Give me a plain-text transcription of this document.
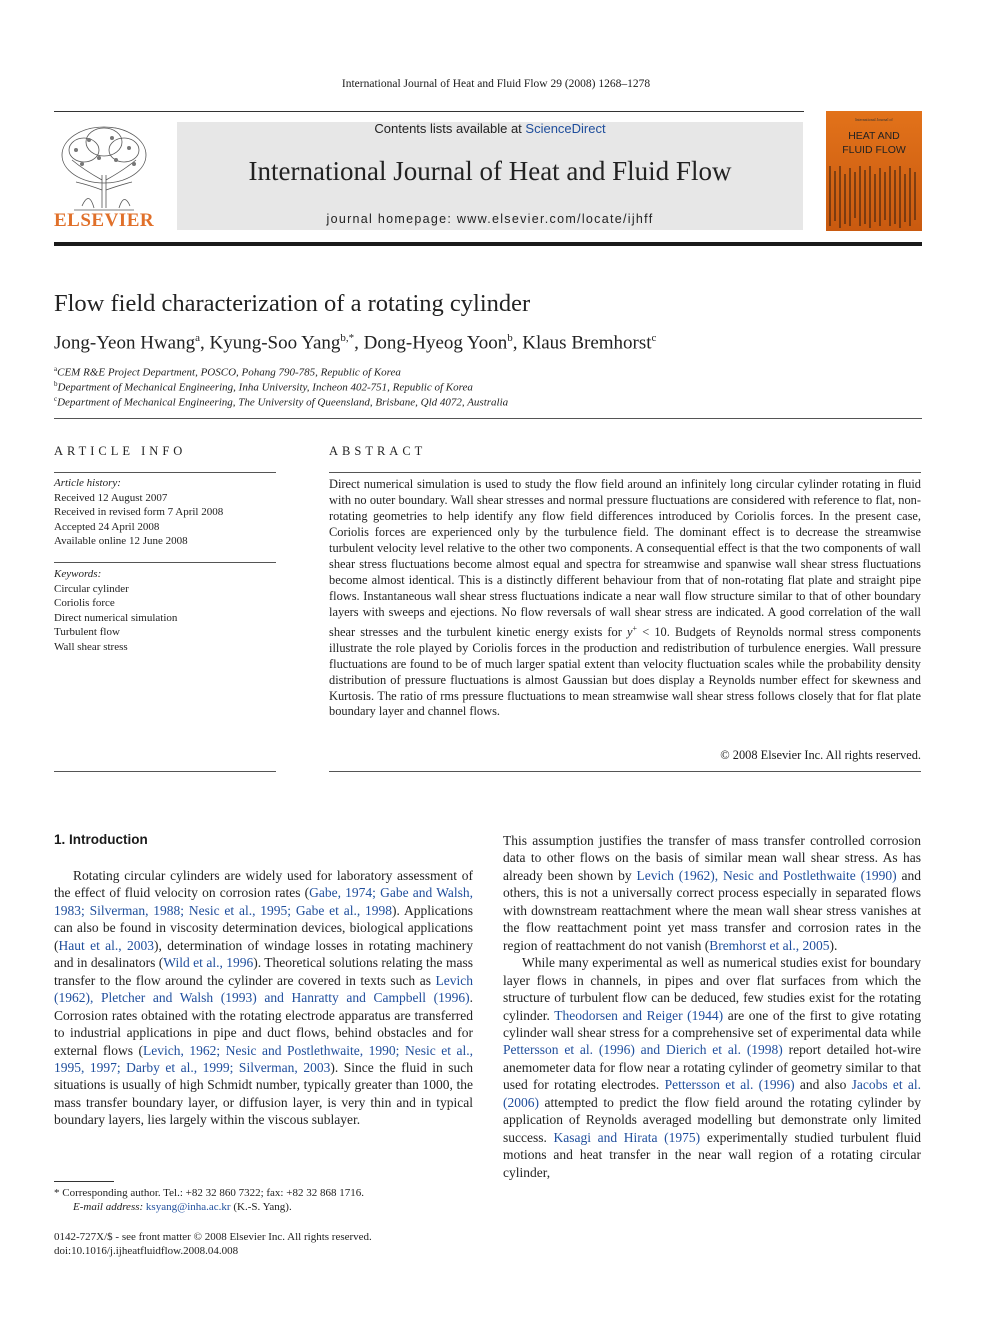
International Journal of Heat and Fluid Flow 29 (2008) 1268–1278
ELSEVIER
Contents lists available at ScienceDirect
International Journal of Heat and Fluid Flow
journal homepage: www.elsevier.com/locate/ijhff
International Journal of
HEAT AND
FLUID FLOW
Flow field characterization of a rotating cylinder
Jong-Yeon Hwang$^a$, Kyung-Soo Yang$^{b,*}$, Dong-Hyeog Yoon$^b$, Klaus Bremhorst$^c$
$^a$CEM R&E Project Department, POSCO, Pohang 790-785, Republic of Korea
$^b$Department of Mechanical Engineering, Inha University, Incheon 402-751, Republic of Korea
$^c$Department of Mechanical Engineering, The University of Queensland, Brisbane, Qld 4072, Australia
ARTICLE INFO
Article history:
Received 12 August 2007
Received in revised form 7 April 2008
Accepted 24 April 2008
Available online 12 June 2008
Keywords:
Circular cylinder
Coriolis force
Direct numerical simulation
Turbulent flow
Wall shear stress
ABSTRACT
Direct numerical simulation is used to study the flow field around an infinitely long circular cylinder rotating in fluid with no outer boundary. Wall shear stresses and normal pressure fluctuations are considered with reference to flat, non-rotating geometries to help identify any flow field differences introduced by Coriolis forces. In the present case, Coriolis forces are experienced only by the turbulence field. The dominant effect is to decrease the streamwise turbulent velocity level relative to the other two components. A consequential effect is that the two components of wall shear stress fluctuations become almost equal and spectra for streamwise and spanwise wall shear stress fluctuations become almost identical. This is a distinctly different behaviour from that of non-rotating flat plate and straight pipe flows. Instantaneous wall shear stress fluctuations indicate a near wall flow structure similar to that of other boundary layers with sweeps and ejections. No flow reversals of wall shear stress are indicated. A good correlation of the wall shear stresses and the turbulent kinetic energy exists for y+ < 10. Budgets of Reynolds normal stress components illustrate the role played by Coriolis forces in the production and redistribution of turbulence energies. Wall pressure fluctuations are found to be of much larger spatial extent than velocity fluctuation scales while the probability density distribution of pressure fluctuations is almost Gaussian but does display a Reynolds number effect for skewness and Kurtosis. The ratio of rms pressure fluctuations to mean streamwise wall shear stress follows closely that for flat plate boundary layer and channel flows.
© 2008 Elsevier Inc. All rights reserved.
1. Introduction

Rotating circular cylinders are widely used for laboratory assessment of the effect of fluid velocity on corrosion rates (Gabe, 1974; Gabe and Walsh, 1983; Silverman, 1988; Nesic et al., 1995; Gabe et al., 1998). Applications can also be found in viscosity determination devices, biological applications (Haut et al., 2003), determination of windage losses in rotating machinery and in desalinators (Wild et al., 1996). Theoretical solutions relating the mass transfer to the flow around the cylinder are covered in texts such as Levich (1962), Pletcher and Walsh (1993) and Hanratty and Campbell (1996). Corrosion rates obtained with the rotating electrode apparatus are transferred to industrial applications in pipe and duct flows, behind obstacles and for external flows (Levich, 1962; Nesic and Postlethwaite, 1990; Nesic et al., 1995, 1997; Darby et al., 1999; Silverman, 2003). Since the fluid in such situations is usually of high Schmidt number, typically greater than 1000, the mass transfer boundary layer, or diffusion layer, is very thin and in typical boundary layers, lies largely within the viscous sublayer.

This assumption justifies the transfer of mass transfer controlled corrosion data to other flows on the basis of similar mean wall shear stress. As has already been shown by Levich (1962), Nesic and Postlethwaite (1990) and others, this is not a universally correct process especially in separated flows with downstream reattachment where the mean wall shear stress vanishes at the flow reattachment point yet mass transfer and corrosion rates in the region of reattachment do not vanish (Bremhorst et al., 2005).

While many experimental as well as numerical studies exist for boundary layer flows in channels, in pipes and over flat surfaces from which the structure of turbulent flow can be deduced, few studies exist for the rotating cylinder. Theodorsen and Reiger (1944) are one of the first to give rotating cylinder wall shear stress for a comprehensive set of experimental data while Pettersson et al. (1996) and Dierich et al. (1998) report detailed hot-wire anemometer data for flow near a rotating cylinder of geometry similar to that used for rotating electrodes. Pettersson et al. (1996) and also Jacobs et al. (2006) attempted to predict the flow field around the rotating cylinder by application of Reynolds averaged modelling but demonstrate only limited success. Kasagi and Hirata (1975) experimentally studied turbulent fluid motions and heat transfer in the near wall region of a rotating circular cylinder,

* Corresponding author. Tel.: +82 32 860 7322; fax: +82 32 868 1716.
E-mail address: ksyang@inha.ac.kr (K.-S. Yang).
0142-727X/$ - see front matter © 2008 Elsevier Inc. All rights reserved.
doi:10.1016/j.ijheatfluidflow.2008.04.008
